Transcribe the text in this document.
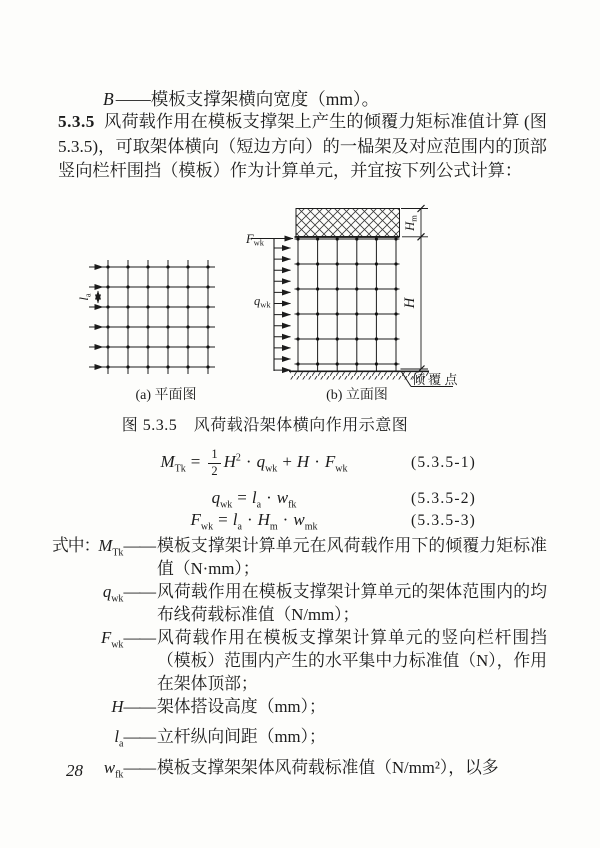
B ——模板支撑架横向宽度（mm）。

5.3.5 风荷载作用在模板支撑架上产生的倾覆力矩标准值计算 (图 5.3.5)，可取架体横向（短边方向）的一榀架及对应范围内的顶部竖向栏杆围挡（模板）作为计算单元，并宜按下列公式计算：

Fwk
qwk
la
Hm
H
倾 覆 点
(a) 平面图	(b) 立面图

图 5.3.5　风荷载沿架体横向作用示意图

$M_{Tk} = \frac{1}{2} H^2 \cdot q_{wk} + H \cdot F_{wk}$	(5.3.5-1)
$q_{wk} = l_a \cdot w_{fk}$	(5.3.5-2)
$F_{wk} = l_a \cdot H_m \cdot w_{mk}$	(5.3.5-3)
式中：
$M_{Tk}——$ 模板支撑架计算单元在风荷载作用下的倾覆力矩标准值（N·mm）；
$q_{wk}——$ 风荷载作用在模板支撑架计算单元的架体范围内的均布线荷载标准值（N/mm）；
$F_{wk}——$ 风荷载作用在模板支撑架计算单元的竖向栏杆围挡（模板）范围内产生的水平集中力标准值（N），作用在架体顶部；
H—— 架体搭设高度（mm）；
$l_a——$ 立杆纵向间距（mm）；
$w_{fk}——$ 模板支撑架架体风荷载标准值（N/mm²），以多
28
